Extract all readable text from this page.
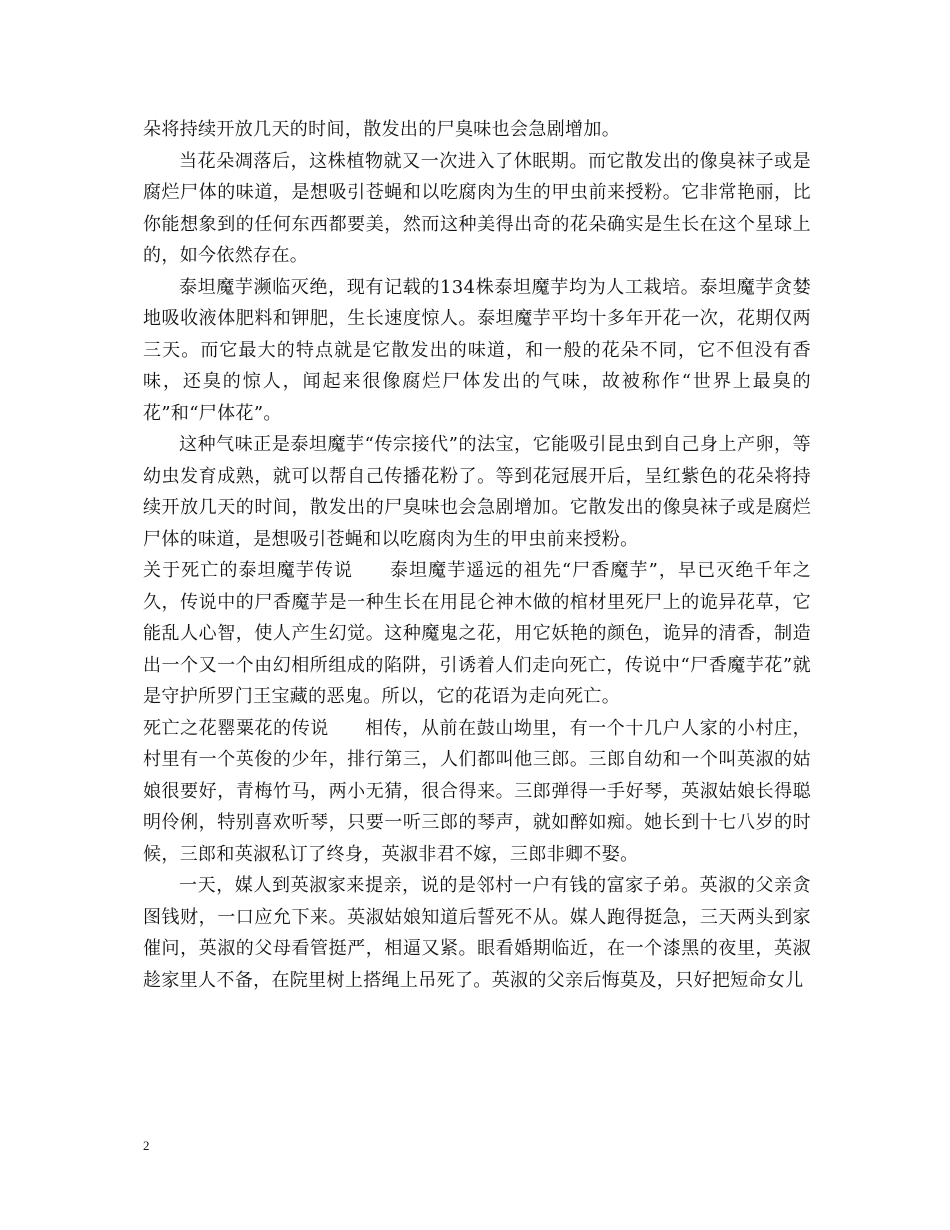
朵将持续开放几天的时间，散发出的尸臭味也会急剧增加。

当花朵凋落后，这株植物就又一次进入了休眠期。而它散发出的像臭袜子或是腐烂尸体的味道，是想吸引苍蝇和以吃腐肉为生的甲虫前来授粉。它非常艳丽，比你能想象到的任何东西都要美，然而这种美得出奇的花朵确实是生长在这个星球上的，如今依然存在。

泰坦魔芋濒临灭绝，现有记载的134株泰坦魔芋均为人工栽培。泰坦魔芋贪婪地吸收液体肥料和钾肥，生长速度惊人。泰坦魔芋平均十多年开花一次，花期仅两三天。而它最大的特点就是它散发出的味道，和一般的花朵不同，它不但没有香味，还臭的惊人，闻起来很像腐烂尸体发出的气味，故被称作“世界上最臭的花”和“尸体花”。

这种气味正是泰坦魔芋“传宗接代”的法宝，它能吸引昆虫到自己身上产卵，等幼虫发育成熟，就可以帮自己传播花粉了。等到花冠展开后，呈红紫色的花朵将持续开放几天的时间，散发出的尸臭味也会急剧增加。它散发出的像臭袜子或是腐烂尸体的味道，是想吸引苍蝇和以吃腐肉为生的甲虫前来授粉。

关于死亡的泰坦魔芋传说 泰坦魔芋遥远的祖先“尸香魔芋”，早已灭绝千年之久，传说中的尸香魔芋是一种生长在用昆仑神木做的棺材里死尸上的诡异花草，它能乱人心智，使人产生幻觉。这种魔鬼之花，用它妖艳的颜色，诡异的清香，制造出一个又一个由幻相所组成的陷阱，引诱着人们走向死亡，传说中“尸香魔芋花”就是守护所罗门王宝藏的恶鬼。所以，它的花语为走向死亡。

死亡之花罂粟花的传说 相传，从前在鼓山坳里，有一个十几户人家的小村庄，村里有一个英俊的少年，排行第三，人们都叫他三郎。三郎自幼和一个叫英淑的姑娘很要好，青梅竹马，两小无猜，很合得来。三郎弹得一手好琴，英淑姑娘长得聪明伶俐，特别喜欢听琴，只要一听三郎的琴声，就如醉如痴。她长到十七八岁的时候，三郎和英淑私订了终身，英淑非君不嫁，三郎非卿不娶。

一天，媒人到英淑家来提亲，说的是邻村一户有钱的富家子弟。英淑的父亲贪图钱财，一口应允下来。英淑姑娘知道后誓死不从。媒人跑得挺急，三天两头到家催问，英淑的父母看管挺严，相逼又紧。眼看婚期临近，在一个漆黑的夜里，英淑趁家里人不备，在院里树上搭绳上吊死了。英淑的父亲后悔莫及，只好把短命女儿

2
